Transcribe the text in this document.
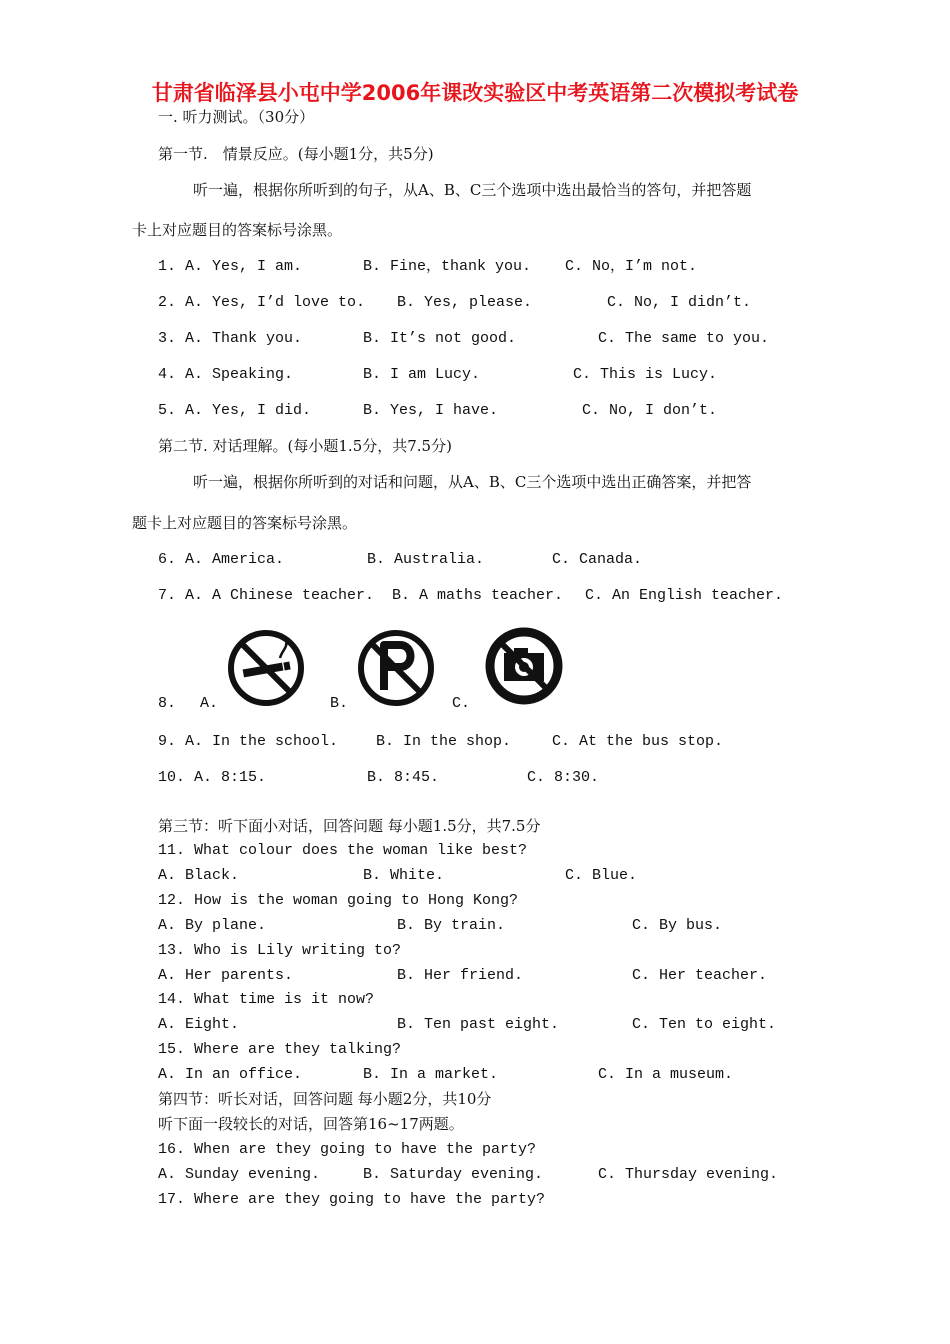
甘肃省临泽县小屯中学2006年课改实验区中考英语第二次模拟考试卷
一. 听力测试。（30分）
第一节.　情景反应。(每小题1分，共5分)
听一遍，根据你所听到的句子，从A、B、C三个选项中选出最恰当的答句，并把答题
卡上对应题目的答案标号涂黑。
1. A. Yes, I am.	B. Fine，thank you. C. No，I’m not.
2. A. Yes, I’d love to. B. Yes, please.	C. No, I didn’t.
3. A. Thank you.	B. It’s not good.	C. The same to you.
4. A. Speaking.	B. I am Lucy.	C. This is Lucy.
5. A. Yes, I did.	B. Yes, I have.	C. No, I don’t.
第二节. 对话理解。(每小题1.5分，共7.5分)
听一遍，根据你所听到的对话和问题，从A、B、C三个选项中选出正确答案，并把答
题卡上对应题目的答案标号涂黑。
6. A. America.	B. Australia.	C. Canada.
7. A. A Chinese teacher. B. A maths teacher. C. An English teacher.
8. A.	B.	C.
9. A. In the school.	B. In the shop.	C. At the bus stop.
10. A. 8:15.	B. 8:45.	C. 8:30.
第三节：听下面小对话，回答问题 每小题1.5分，共7.5分
11. What colour does the woman like best?
A. Black.	B. White.	C. Blue.
12. How is the woman going to Hong Kong?
A. By plane.	B. By train.	C. By bus.
13. Who is Lily writing to?
A. Her parents.	B. Her friend.	C. Her teacher.
14. What time is it now?
A. Eight.	B. Ten past eight.	C. Ten to eight.
15. Where are they talking?
A. In an office.	B. In a market.	C. In a museum.
第四节：听长对话，回答问题 每小题2分，共10分
听下面一段较长的对话，回答第16~17两题。
16. When are they going to have the party?
A. Sunday evening.	B. Saturday evening.	C. Thursday evening.
17. Where are they going to have the party?
